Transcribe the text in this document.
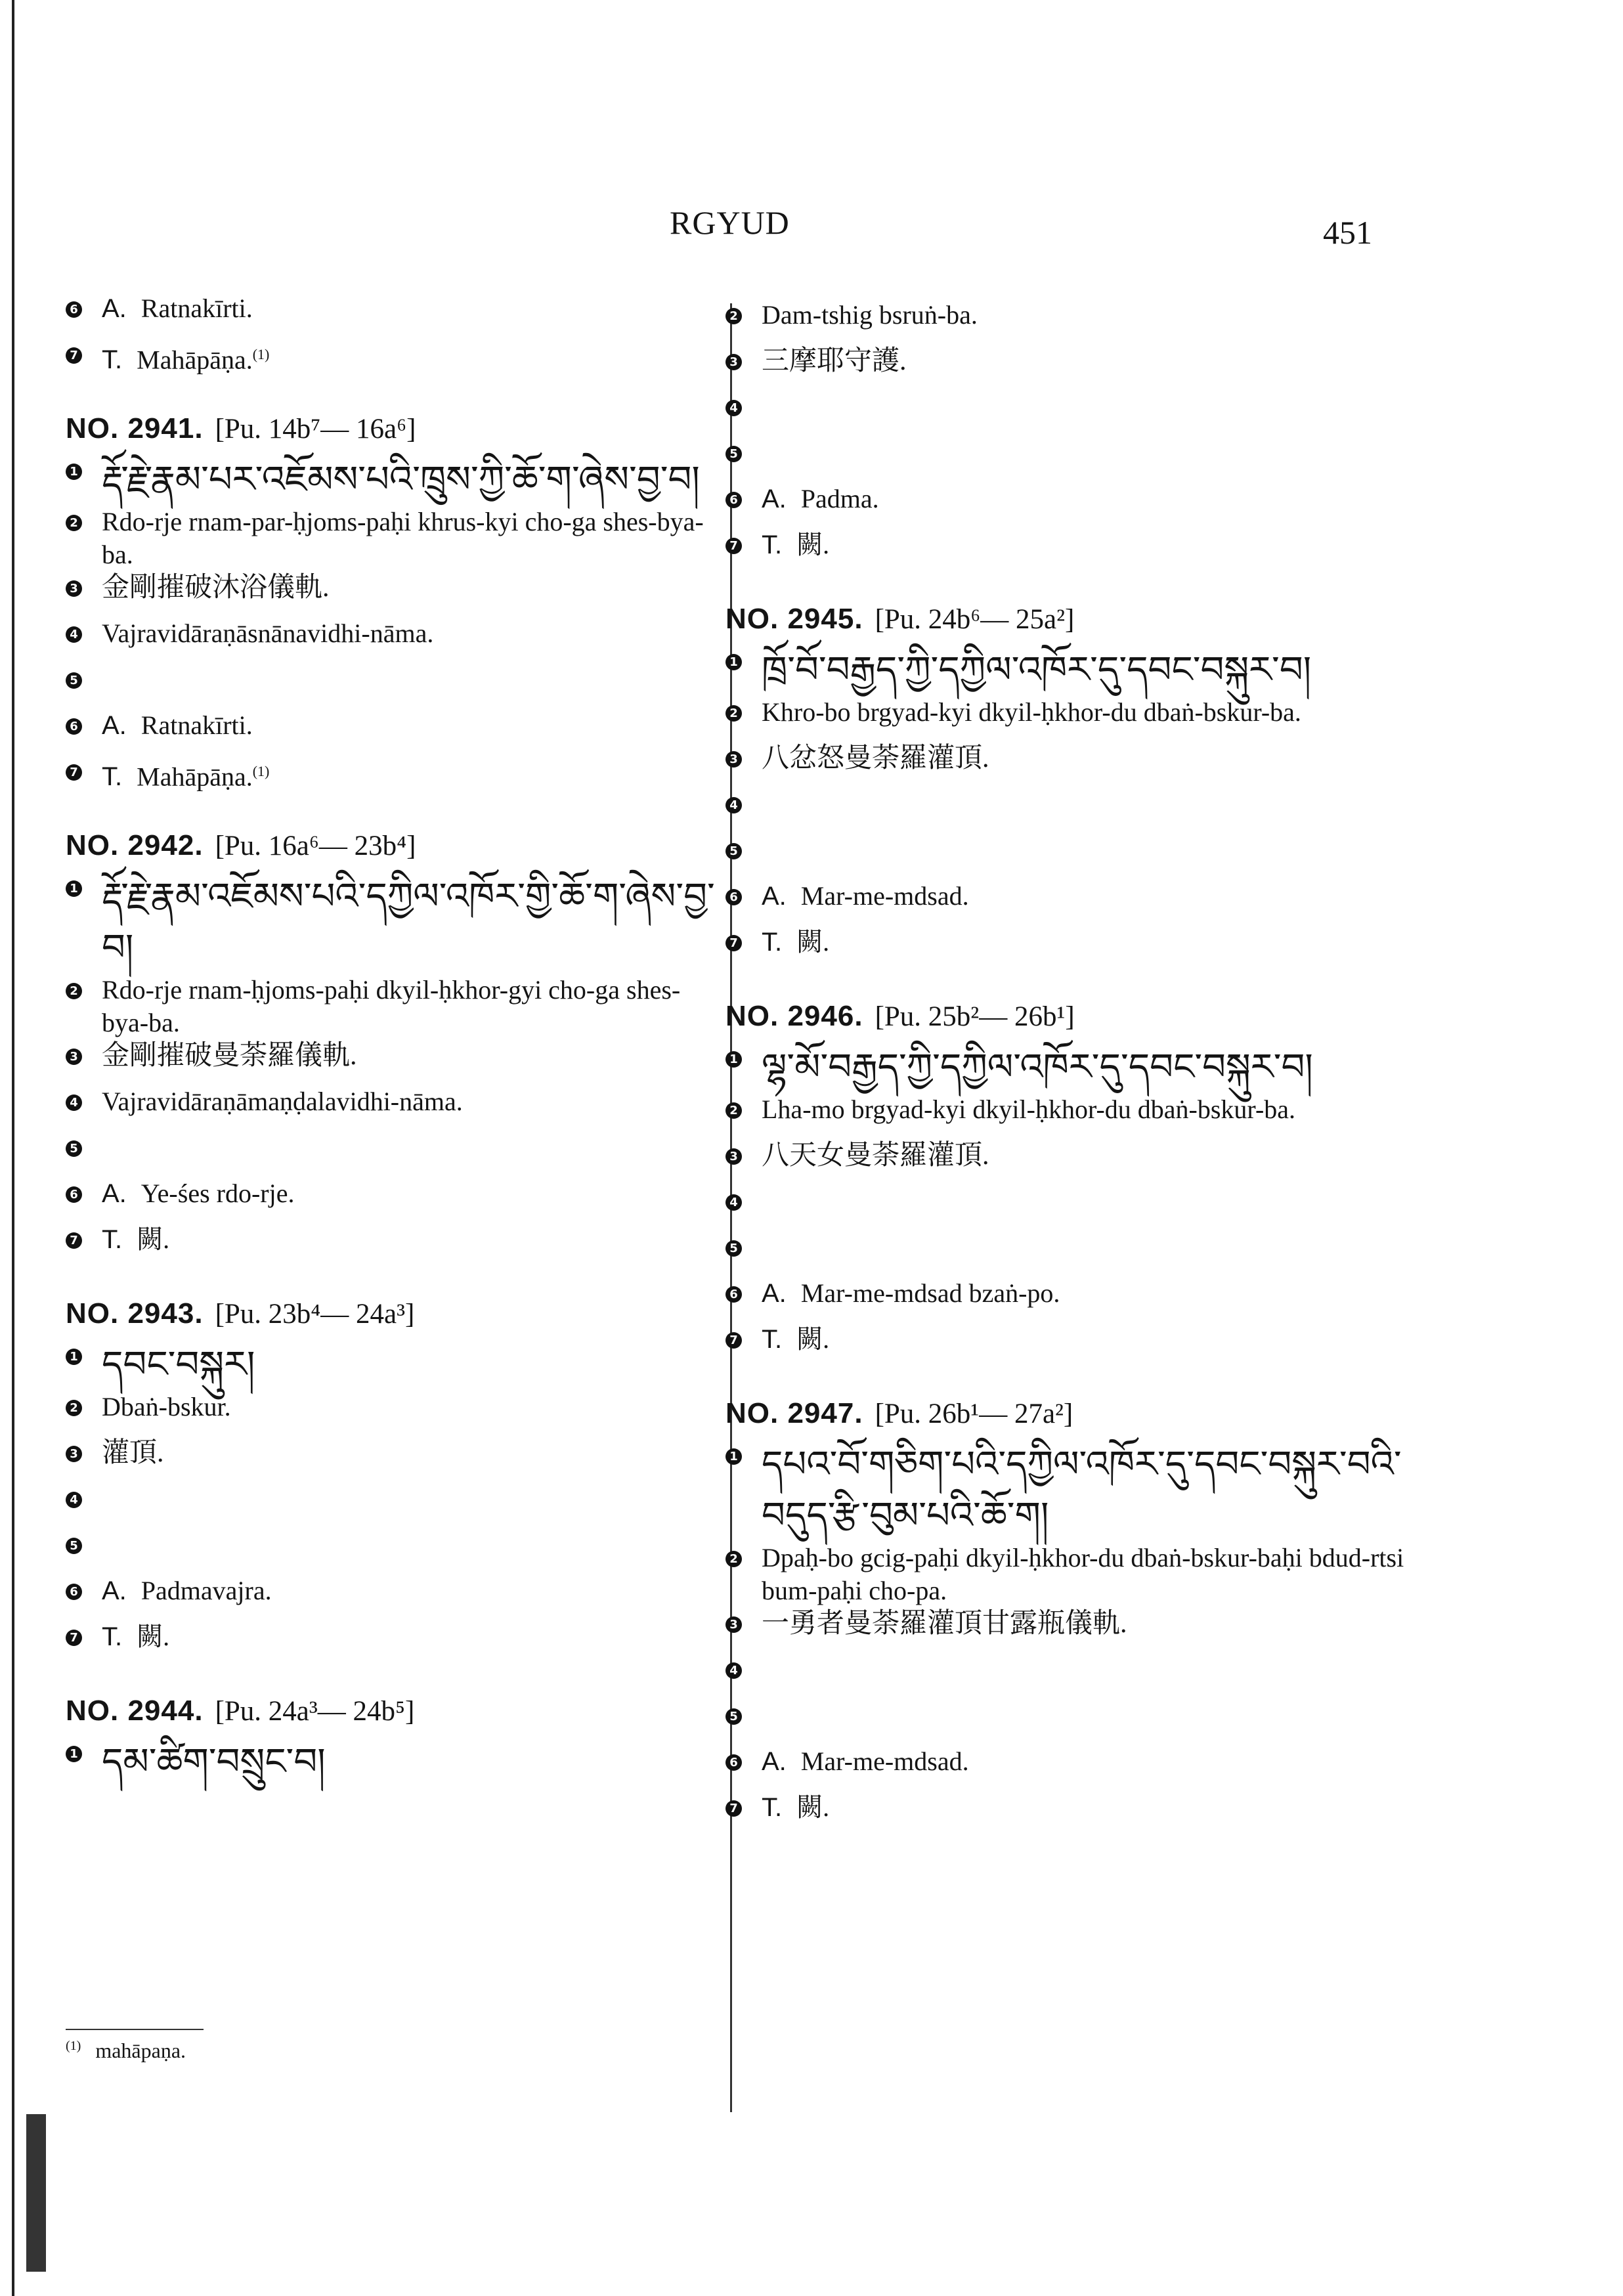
RGYUD	451
6 A. Ratnakīrti.
7 T. Mahāpāṇa.$^{(1)}$
NO. 2941. [Pu. 14b⁷— 16a⁶]
1 རྡོ་རྗེ་རྣམ་པར་འཇོམས་པའི་ཁྲུས་ཀྱི་ཆོ་ག་ཞེས་བྱ་བ།
2 Rdo-rje rnam-par-ḥjoms-paḥi khrus-kyi cho-ga shes-bya-ba.
3 金剛摧破沐浴儀軌.
4 Vajravidāraṇāsnānavidhi-nāma.
5
6 A. Ratnakīrti.
7 T. Mahāpāṇa.$^{(1)}$
NO. 2942. [Pu. 16a⁶— 23b⁴]
1 རྡོ་རྗེ་རྣམ་འཇོམས་པའི་དཀྱིལ་འཁོར་གྱི་ཆོ་ག་ཞེས་བྱ་བ།
2 Rdo-rje rnam-ḥjoms-paḥi dkyil-ḥkhor-gyi cho-ga shes-bya-ba.
3 金剛摧破曼荼羅儀軌.
4 Vajravidāraṇāmaṇḍalavidhi-nāma.
5
6 A. Ye-śes rdo-rje.
7 T. 闕.
NO. 2943. [Pu. 23b⁴— 24a³]
1 དབང་བསྐུར།
2 Dbaṅ-bskur.
3 灌頂.
4
5
6 A. Padmavajra.
7 T. 闕.
NO. 2944. [Pu. 24a³— 24b⁵]
1 དམ་ཚིག་བསྲུང་བ།
2 Dam-tshig bsruṅ-ba.
3 三摩耶守護.
4
5
6 A. Padma.
7 T. 闕.
NO. 2945. [Pu. 24b⁶— 25a²]
1 ཁྲོ་བོ་བརྒྱད་ཀྱི་དཀྱིལ་འཁོར་དུ་དབང་བསྐུར་བ།
2 Khro-bo brgyad-kyi dkyil-ḥkhor-du dbaṅ-bskur-ba.
3 八忿怒曼荼羅灌頂.
4
5
6 A. Mar-me-mdsad.
7 T. 闕.
NO. 2946. [Pu. 25b²— 26b¹]
1 ལྷ་མོ་བརྒྱད་ཀྱི་དཀྱིལ་འཁོར་དུ་དབང་བསྐུར་བ།
2 Lha-mo brgyad-kyi dkyil-ḥkhor-du dbaṅ-bskur-ba.
3 八天女曼荼羅灌頂.
4
5
6 A. Mar-me-mdsad bzaṅ-po.
7 T. 闕.
NO. 2947. [Pu. 26b¹— 27a²]
1 དཔའ་བོ་གཅིག་པའི་དཀྱིལ་འཁོར་དུ་དབང་བསྐུར་བའི་བདུད་རྩི་བུམ་པའི་ཆོ་ག།
2 Dpaḥ-bo gcig-paḥi dkyil-ḥkhor-du dbaṅ-bskur-baḥi bdud-rtsi bum-paḥi cho-pa.
3 一勇者曼荼羅灌頂甘露瓶儀軌.
4
5
6 A. Mar-me-mdsad.
7 T. 闕.
$^{(1)}$ mahāpaṇa.
